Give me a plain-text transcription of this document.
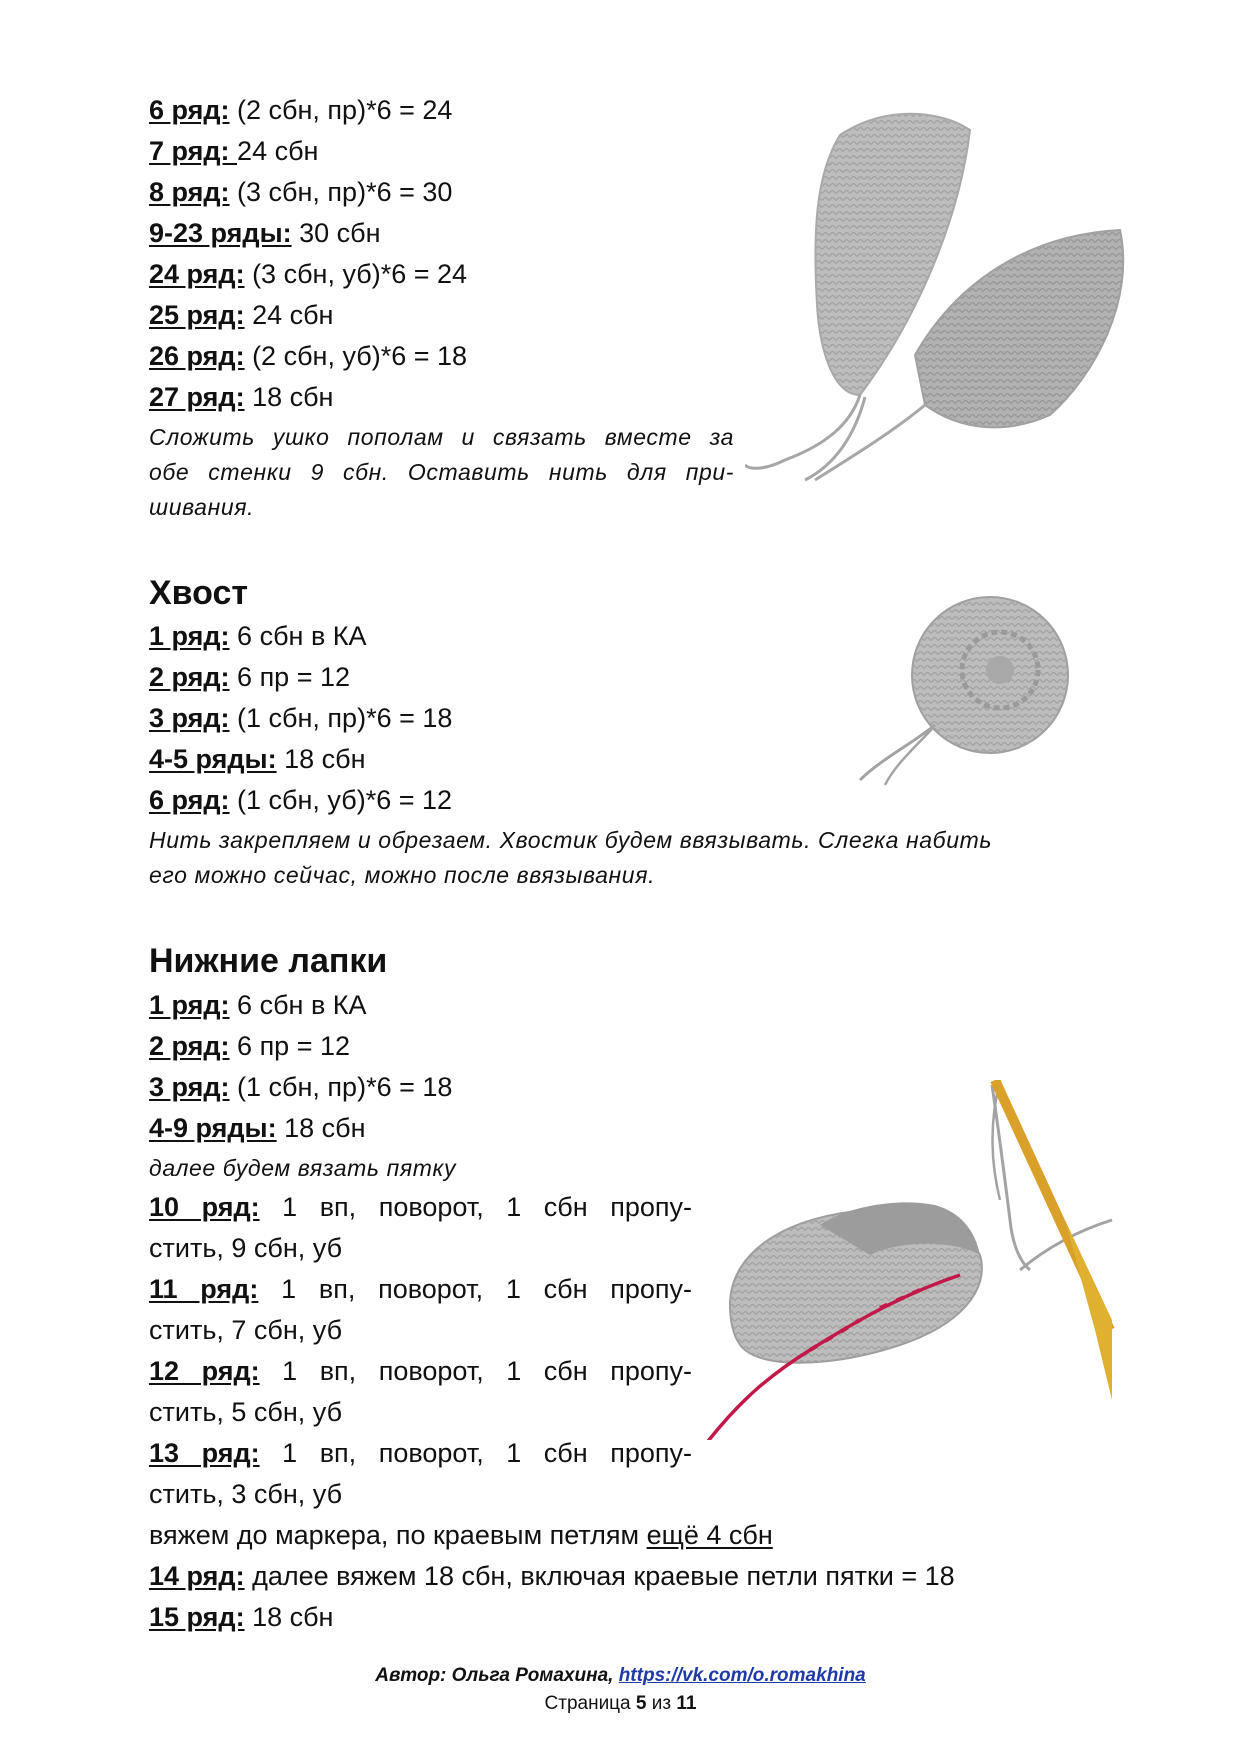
6 ряд: (2 сбн, пр)*6 = 24
7 ряд: 24 сбн
8 ряд: (3 сбн, пр)*6 = 30
9-23 ряды: 30 сбн
24 ряд: (3 сбн, уб)*6 = 24
25 ряд: 24 сбн
26 ряд: (2 сбн, уб)*6 = 18
27 ряд: 18 сбн
Сложить ушко пополам и связать вместе за
обе стенки 9 сбн. Оставить нить для при-
шивания.
Хвост
1 ряд: 6 сбн в КА
2 ряд: 6 пр = 12
3 ряд: (1 сбн, пр)*6 = 18
4-5 ряды: 18 сбн
6 ряд: (1 сбн, уб)*6 = 12
Нить закрепляем и обрезаем. Хвостик будем ввязывать. Слегка набить
его можно сейчас, можно после ввязывания.
Нижние лапки
1 ряд: 6 сбн в КА
2 ряд: 6 пр = 12
3 ряд: (1 сбн, пр)*6 = 18
4-9 ряды: 18 сбн
далее будем вязать пятку
10 ряд: 1 вп, поворот, 1 сбн пропу-
стить, 9 сбн, уб
11 ряд: 1 вп, поворот, 1 сбн пропу-
стить, 7 сбн, уб
12 ряд: 1 вп, поворот, 1 сбн пропу-
стить, 5 сбн, уб
13 ряд: 1 вп, поворот, 1 сбн пропу-
стить, 3 сбн, уб
вяжем до маркера, по краевым петлям ещё 4 сбн
14 ряд: далее вяжем 18 сбн, включая краевые петли пятки = 18
15 ряд: 18 сбн
Автор: Ольга Ромахина, https://vk.com/o.romakhina
Страница 5 из 11
